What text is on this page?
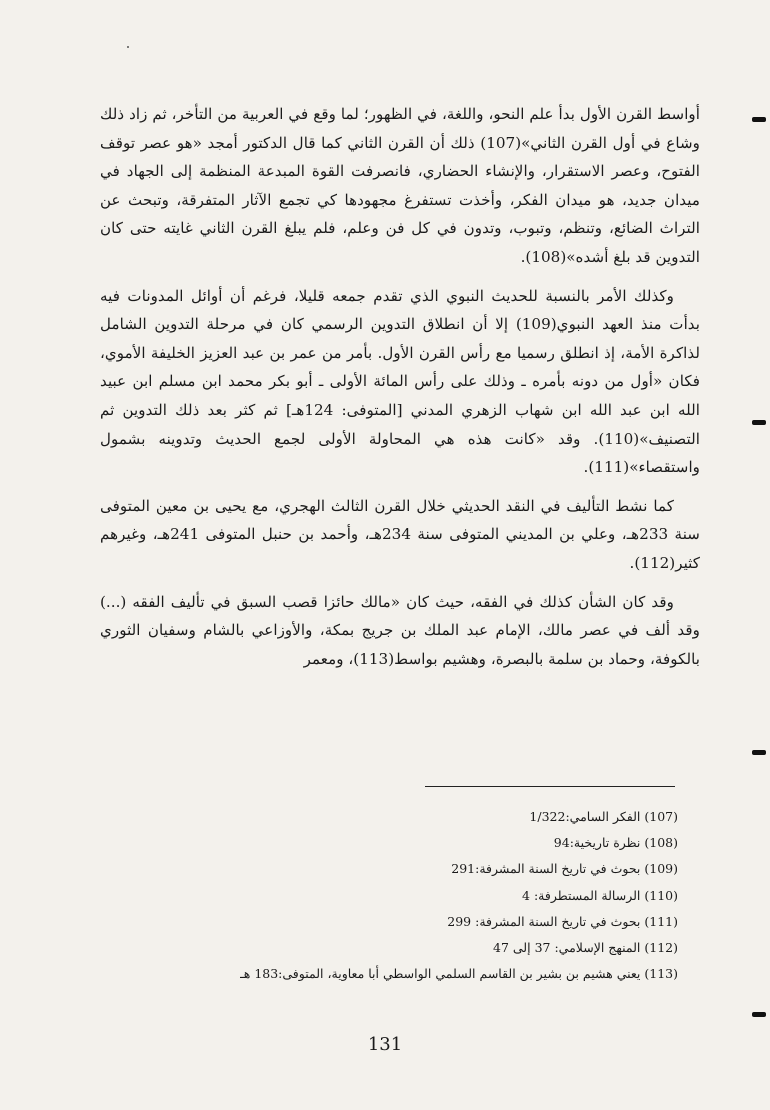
أواسط القرن الأول بدأ علم النحو، واللغة، في الظهور؛ لما وقع في العربية من التأخر، ثم زاد ذلك وشاع في أول القرن الثاني»(107) ذلك أن القرن الثاني كما قال الدكتور أمجد «هو عصر توقف الفتوح، وعصر الاستقرار، والإنشاء الحضاري، فانصرفت القوة المبدعة المنظمة إلى الجهاد في ميدان جديد، هو ميدان الفكر، وأخذت تستفرغ مجهودها كي تجمع الآثار المتفرقة، وتبحث عن التراث الضائع، وتنظم، وتبوب، وتدون في كل فن وعلم، فلم يبلغ القرن الثاني غايته حتى كان التدوين قد بلغ أشده»(108).

وكذلك الأمر بالنسبة للحديث النبوي الذي تقدم جمعه قليلا، فرغم أن أوائل المدونات فيه بدأت منذ العهد النبوي(109) إلا أن انطلاق التدوين الرسمي كان في مرحلة التدوين الشامل لذاكرة الأمة، إذ انطلق رسميا مع رأس القرن الأول. بأمر من عمر بن عبد العزيز الخليفة الأموي، فكان «أول من دونه بأمره ـ وذلك على رأس المائة الأولى ـ أبو بكر محمد ابن مسلم ابن عبيد الله ابن عبد الله ابن شهاب الزهري المدني [المتوفى: 124هـ] ثم كثر بعد ذلك التدوين ثم التصنيف»(110). وقد «كانت هذه هي المحاولة الأولى لجمع الحديث وتدوينه بشمول واستقصاء»(111).

كما نشط التأليف في النقد الحديثي خلال القرن الثالث الهجري، مع يحيى بن معين المتوفى سنة 233هـ، وعلي بن المديني المتوفى سنة 234هـ، وأحمد بن حنبل المتوفى 241هـ، وغيرهم كثير(112).

وقد كان الشأن كذلك في الفقه، حيث كان «مالك حائزا قصب السبق في تأليف الفقه (...) وقد ألف في عصر مالك، الإمام عبد الملك بن جريج بمكة، والأوزاعي بالشام وسفيان الثوري بالكوفة، وحماد بن سلمة بالبصرة، وهشيم بواسط(113)، ومعمر

(107) الفكر السامي:1/322
(108) نظرة تاريخية:94
(109) بحوث في تاريخ السنة المشرفة:291
(110) الرسالة المستطرفة: 4
(111) بحوث في تاريخ السنة المشرفة: 299
(112) المنهج الإسلامي: 37 إلى 47
(113) يعني هشيم بن بشير بن القاسم السلمي الواسطي أبا معاوية، المتوفى:183 هـ
131
